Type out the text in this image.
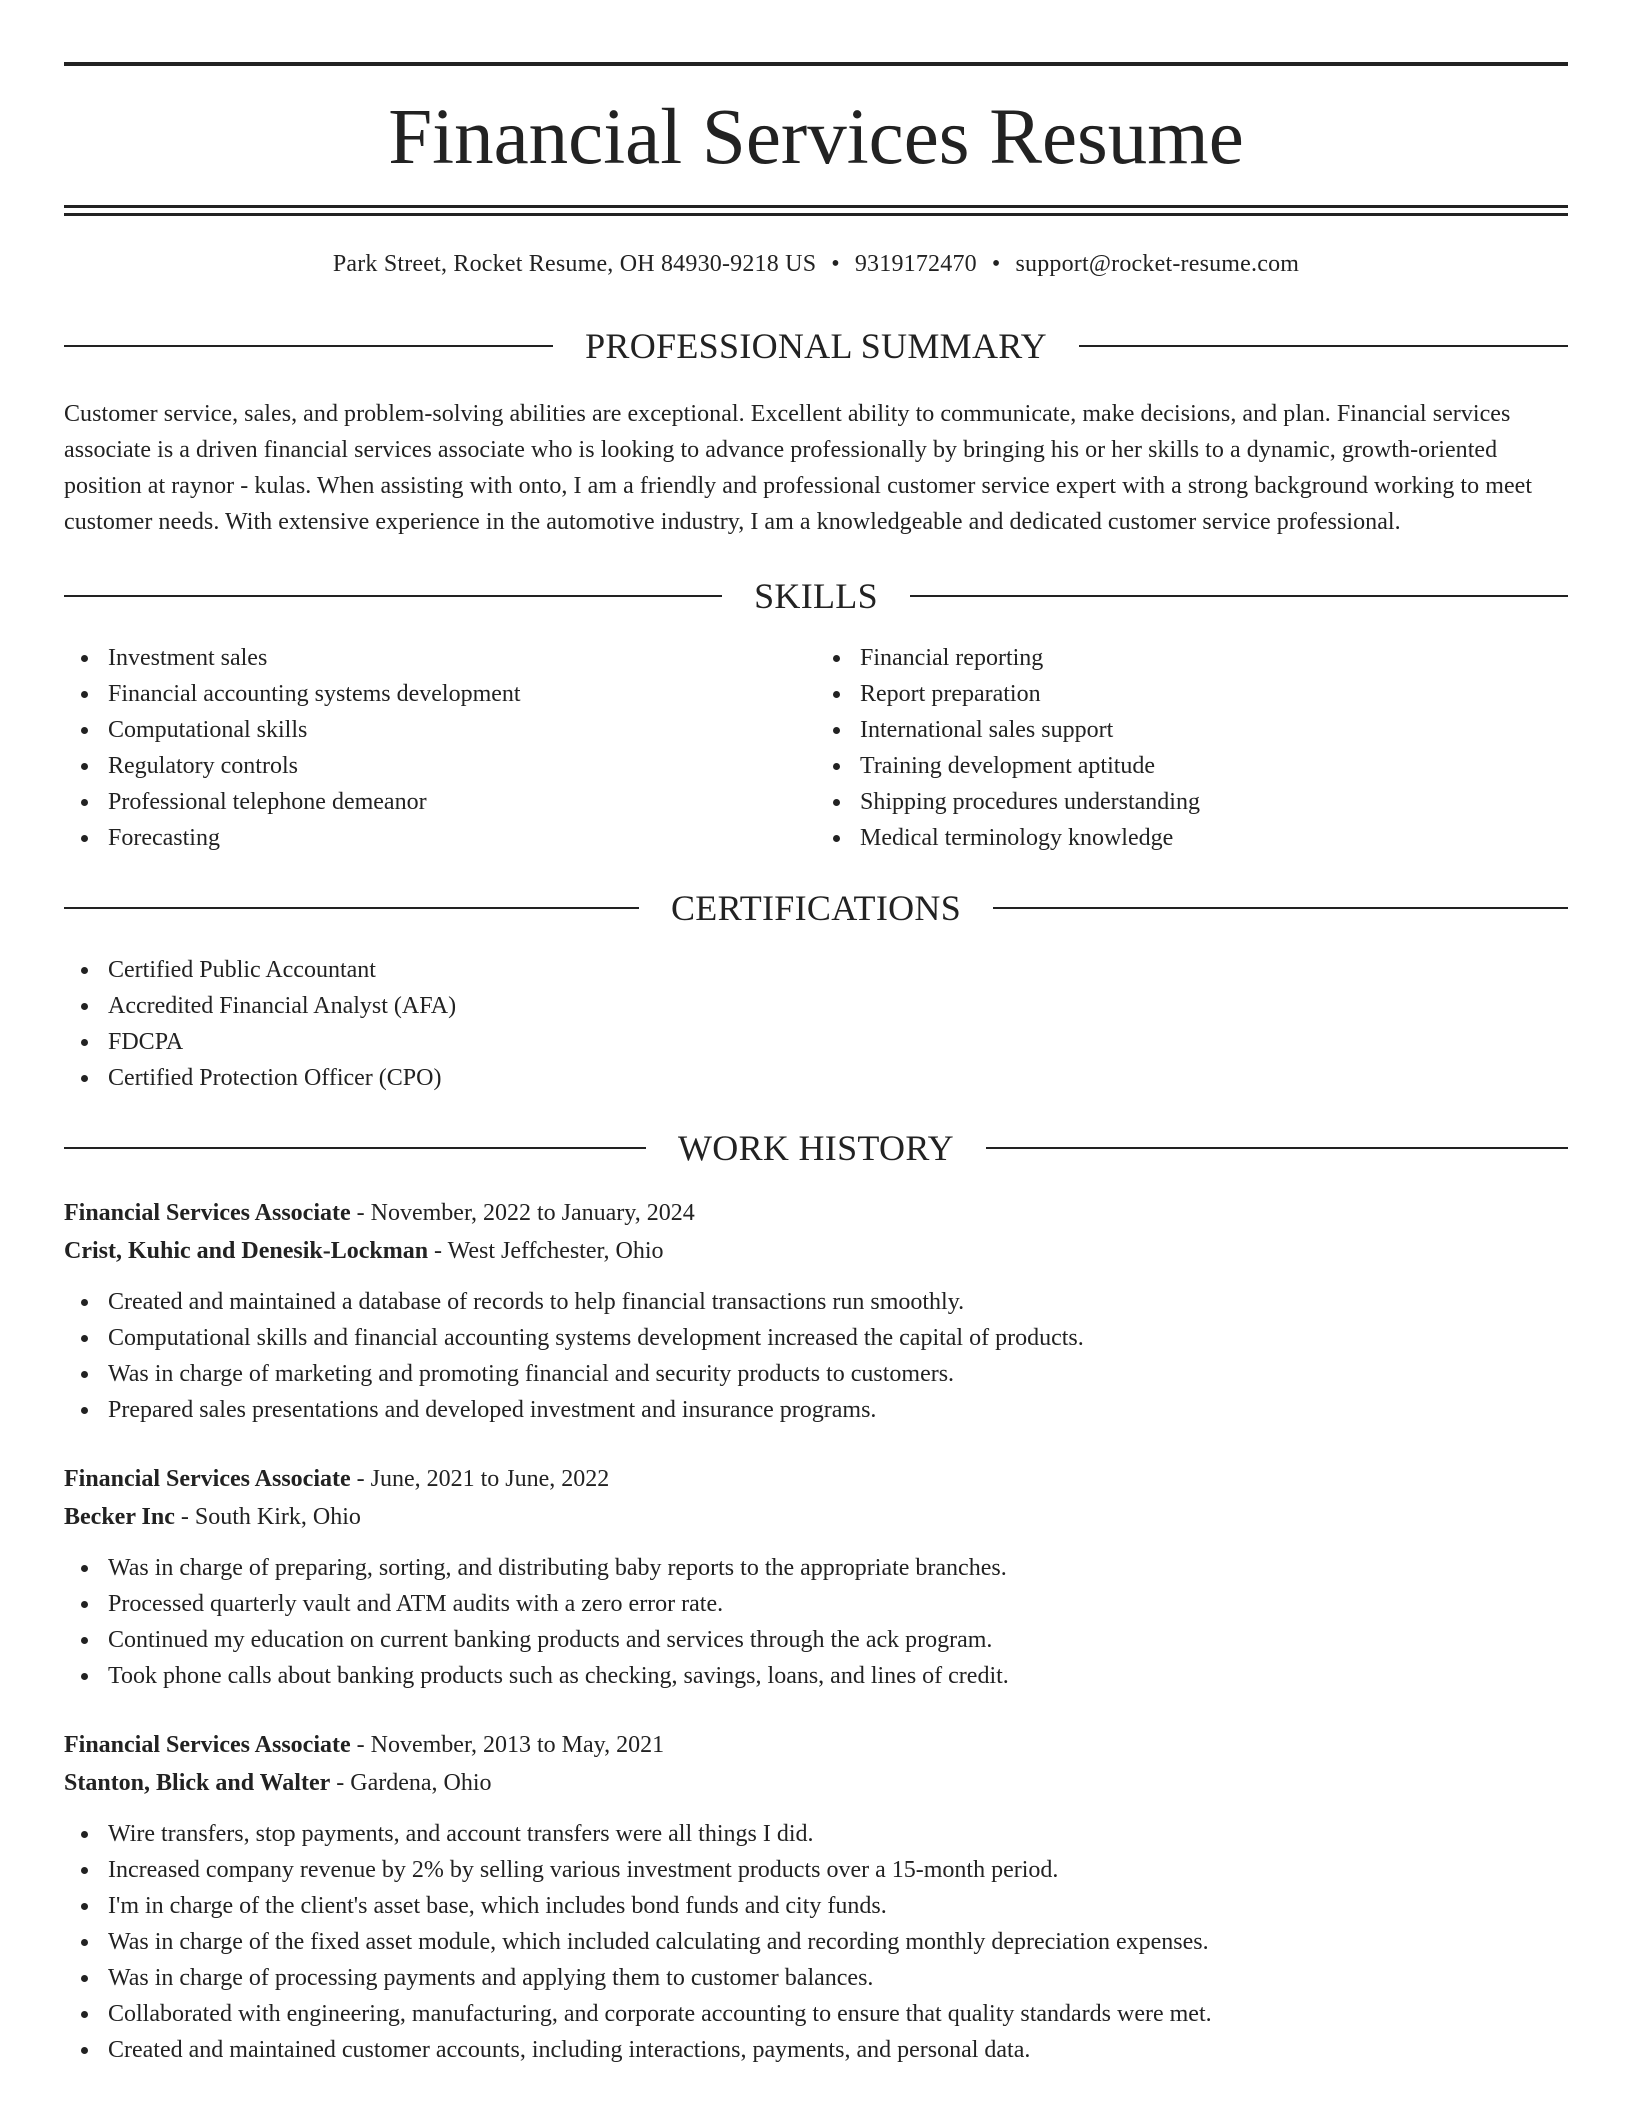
Financial Services Resume
Park Street, Rocket Resume, OH 84930-9218 US • 9319172470 • support@rocket-resume.com
PROFESSIONAL SUMMARY

Customer service, sales, and problem-solving abilities are exceptional. Excellent ability to communicate, make decisions, and plan. Financial services associate is a driven financial services associate who is looking to advance professionally by bringing his or her skills to a dynamic, growth-oriented position at raynor - kulas. When assisting with onto, I am a friendly and professional customer service expert with a strong background working to meet customer needs. With extensive experience in the automotive industry, I am a knowledgeable and dedicated customer service professional.

SKILLS
Investment sales
Financial accounting systems development
Computational skills
Regulatory controls
Professional telephone demeanor
Forecasting
Financial reporting
Report preparation
International sales support
Training development aptitude
Shipping procedures understanding
Medical terminology knowledge
CERTIFICATIONS
Certified Public Accountant
Accredited Financial Analyst (AFA)
FDCPA
Certified Protection Officer (CPO)
WORK HISTORY
Financial Services Associate - November, 2022 to January, 2024
Crist, Kuhic and Denesik-Lockman - West Jeffchester, Ohio
Created and maintained a database of records to help financial transactions run smoothly.
Computational skills and financial accounting systems development increased the capital of products.
Was in charge of marketing and promoting financial and security products to customers.
Prepared sales presentations and developed investment and insurance programs.
Financial Services Associate - June, 2021 to June, 2022
Becker Inc - South Kirk, Ohio
Was in charge of preparing, sorting, and distributing baby reports to the appropriate branches.
Processed quarterly vault and ATM audits with a zero error rate.
Continued my education on current banking products and services through the ack program.
Took phone calls about banking products such as checking, savings, loans, and lines of credit.
Financial Services Associate - November, 2013 to May, 2021
Stanton, Blick and Walter - Gardena, Ohio
Wire transfers, stop payments, and account transfers were all things I did.
Increased company revenue by 2% by selling various investment products over a 15-month period.
I'm in charge of the client's asset base, which includes bond funds and city funds.
Was in charge of the fixed asset module, which included calculating and recording monthly depreciation expenses.
Was in charge of processing payments and applying them to customer balances.
Collaborated with engineering, manufacturing, and corporate accounting to ensure that quality standards were met.
Created and maintained customer accounts, including interactions, payments, and personal data.
